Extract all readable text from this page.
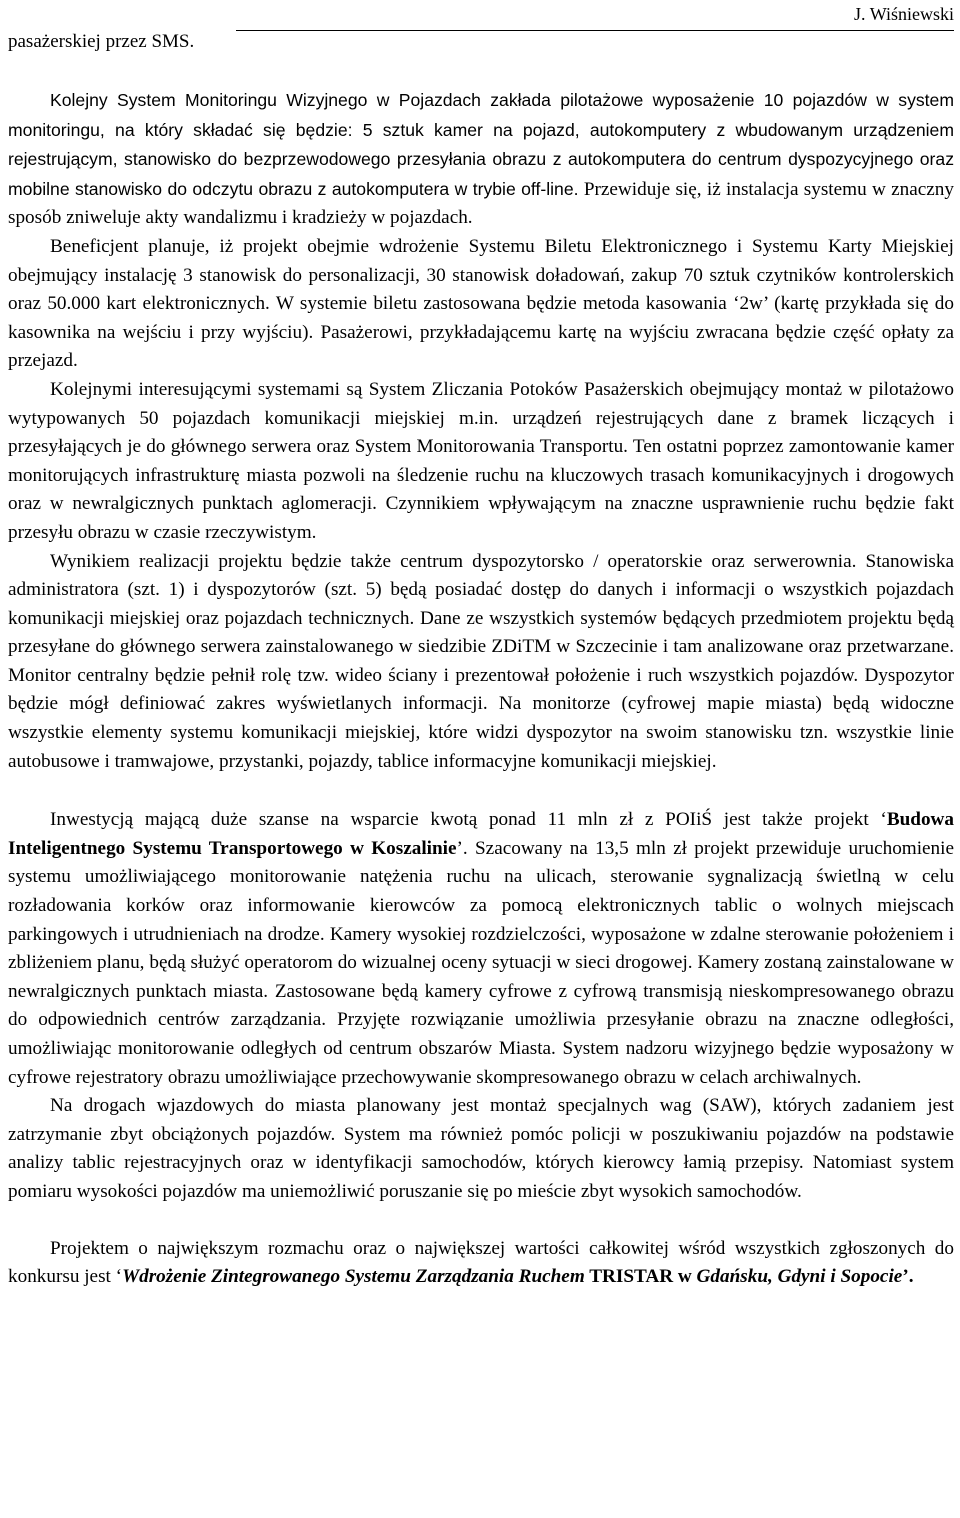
pasażerskiej przez SMS.
J. Wiśniewski

Kolejny System Monitoringu Wizyjnego w Pojazdach zakłada pilotażowe wyposażenie 10 pojazdów w system monitoringu, na który składać się będzie: 5 sztuk kamer na pojazd, autokomputery z wbudowanym urządzeniem rejestrującym, stanowisko do bezprzewodowego przesyłania obrazu z autokomputera do centrum dyspozycyjnego oraz mobilne stanowisko do odczytu obrazu z autokomputera w trybie off-line. Przewiduje się, iż instalacja systemu w znaczny sposób zniweluje akty wandalizmu i kradzieży w pojazdach.

Beneficjent planuje, iż projekt obejmie wdrożenie Systemu Biletu Elektronicznego i Systemu Karty Miejskiej obejmujący instalację 3 stanowisk do personalizacji, 30 stanowisk doładowań, zakup 70 sztuk czytników kontrolerskich oraz 50.000 kart elektronicznych. W systemie biletu zastosowana będzie metoda kasowania ‘2w’ (kartę przykłada się do kasownika na wejściu i przy wyjściu). Pasażerowi, przykładającemu kartę na wyjściu zwracana będzie część opłaty za przejazd.

Kolejnymi interesującymi systemami są System Zliczania Potoków Pasażerskich obejmujący montaż w pilotażowo wytypowanych 50 pojazdach komunikacji miejskiej m.in. urządzeń rejestrujących dane z bramek liczących i przesyłających je do głównego serwera oraz System Monitorowania Transportu. Ten ostatni poprzez zamontowanie kamer monitorujących infrastrukturę miasta pozwoli na śledzenie ruchu na kluczowych trasach komunikacyjnych i drogowych oraz w newralgicznych punktach aglomeracji. Czynnikiem wpływającym na znaczne usprawnienie ruchu będzie fakt przesyłu obrazu w czasie rzeczywistym.

Wynikiem realizacji projektu będzie także centrum dyspozytorsko / operatorskie oraz serwerownia. Stanowiska administratora (szt. 1) i dyspozytorów (szt. 5) będą posiadać dostęp do danych i informacji o wszystkich pojazdach komunikacji miejskiej oraz pojazdach technicznych. Dane ze wszystkich systemów będących przedmiotem projektu będą przesyłane do głównego serwera zainstalowanego w siedzibie ZDiTM w Szczecinie i tam analizowane oraz przetwarzane. Monitor centralny będzie pełnił rolę tzw. wideo ściany i prezentował położenie i ruch wszystkich pojazdów. Dyspozytor będzie mógł definiować zakres wyświetlanych informacji. Na monitorze (cyfrowej mapie miasta) będą widoczne wszystkie elementy systemu komunikacji miejskiej, które widzi dyspozytor na swoim stanowisku tzn. wszystkie linie autobusowe i tramwajowe, przystanki, pojazdy, tablice informacyjne komunikacji miejskiej.

Inwestycją mającą duże szanse na wsparcie kwotą ponad 11 mln zł z POIiŚ jest także projekt ‘Budowa Inteligentnego Systemu Transportowego w Koszalinie’. Szacowany na 13,5 mln zł projekt przewiduje uruchomienie systemu umożliwiającego monitorowanie natężenia ruchu na ulicach, sterowanie sygnalizacją świetlną w celu rozładowania korków oraz informowanie kierowców za pomocą elektronicznych tablic o wolnych miejscach parkingowych i utrudnieniach na drodze. Kamery wysokiej rozdzielczości, wyposażone w zdalne sterowanie położeniem i zbliżeniem planu, będą służyć operatorom do wizualnej oceny sytuacji w sieci drogowej. Kamery zostaną zainstalowane w newralgicznych punktach miasta. Zastosowane będą kamery cyfrowe z cyfrową transmisją nieskompresowanego obrazu do odpowiednich centrów zarządzania. Przyjęte rozwiązanie umożliwia przesyłanie obrazu na znaczne odległości, umożliwiając monitorowanie odległych od centrum obszarów Miasta. System nadzoru wizyjnego będzie wyposażony w cyfrowe rejestratory obrazu umożliwiające przechowywanie skompresowanego obrazu w celach archiwalnych.

Na drogach wjazdowych do miasta planowany jest montaż specjalnych wag (SAW), których zadaniem jest zatrzymanie zbyt obciążonych pojazdów. System ma również pomóc policji w poszukiwaniu pojazdów na podstawie analizy tablic rejestracyjnych oraz w identyfikacji samochodów, których kierowcy łamią przepisy. Natomiast system pomiaru wysokości pojazdów ma uniemożliwić poruszanie się po mieście zbyt wysokich samochodów.

Projektem o największym rozmachu oraz o największej wartości całkowitej wśród wszystkich zgłoszonych do konkursu jest ‘Wdrożenie Zintegrowanego Systemu Zarządzania Ruchem TRISTAR w Gdańsku, Gdyni i Sopocie’.
